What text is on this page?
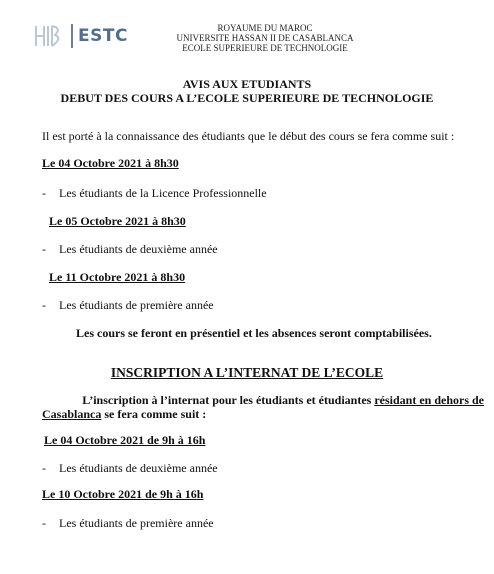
ESTC	ROYAUME DU MAROC
UNIVERSITE HASSAN II DE CASABLANCA
ECOLE SUPERIEURE DE TECHNOLOGIE
AVIS AUX ETUDIANTS
DEBUT DES COURS A L’ECOLE SUPERIEURE DE TECHNOLOGIE
Il est porté à la connaissance des étudiants que le début des cours se fera comme suit :
Le 04 Octobre 2021 à 8h30
- Les étudiants de la Licence Professionnelle
Le 05 Octobre 2021 à 8h30
- Les étudiants de deuxième année
Le 11 Octobre 2021 à 8h30
- Les étudiants de première année
Les cours se feront en présentiel et les absences seront comptabilisées.
INSCRIPTION A L’INTERNAT DE L’ECOLE
L’inscription à l’internat pour les étudiants et étudiantes résidant en dehors de
Casablanca se fera comme suit :
Le 04 Octobre 2021 de 9h à 16h
- Les étudiants de deuxième année
Le 10 Octobre 2021 de 9h à 16h
- Les étudiants de première année
